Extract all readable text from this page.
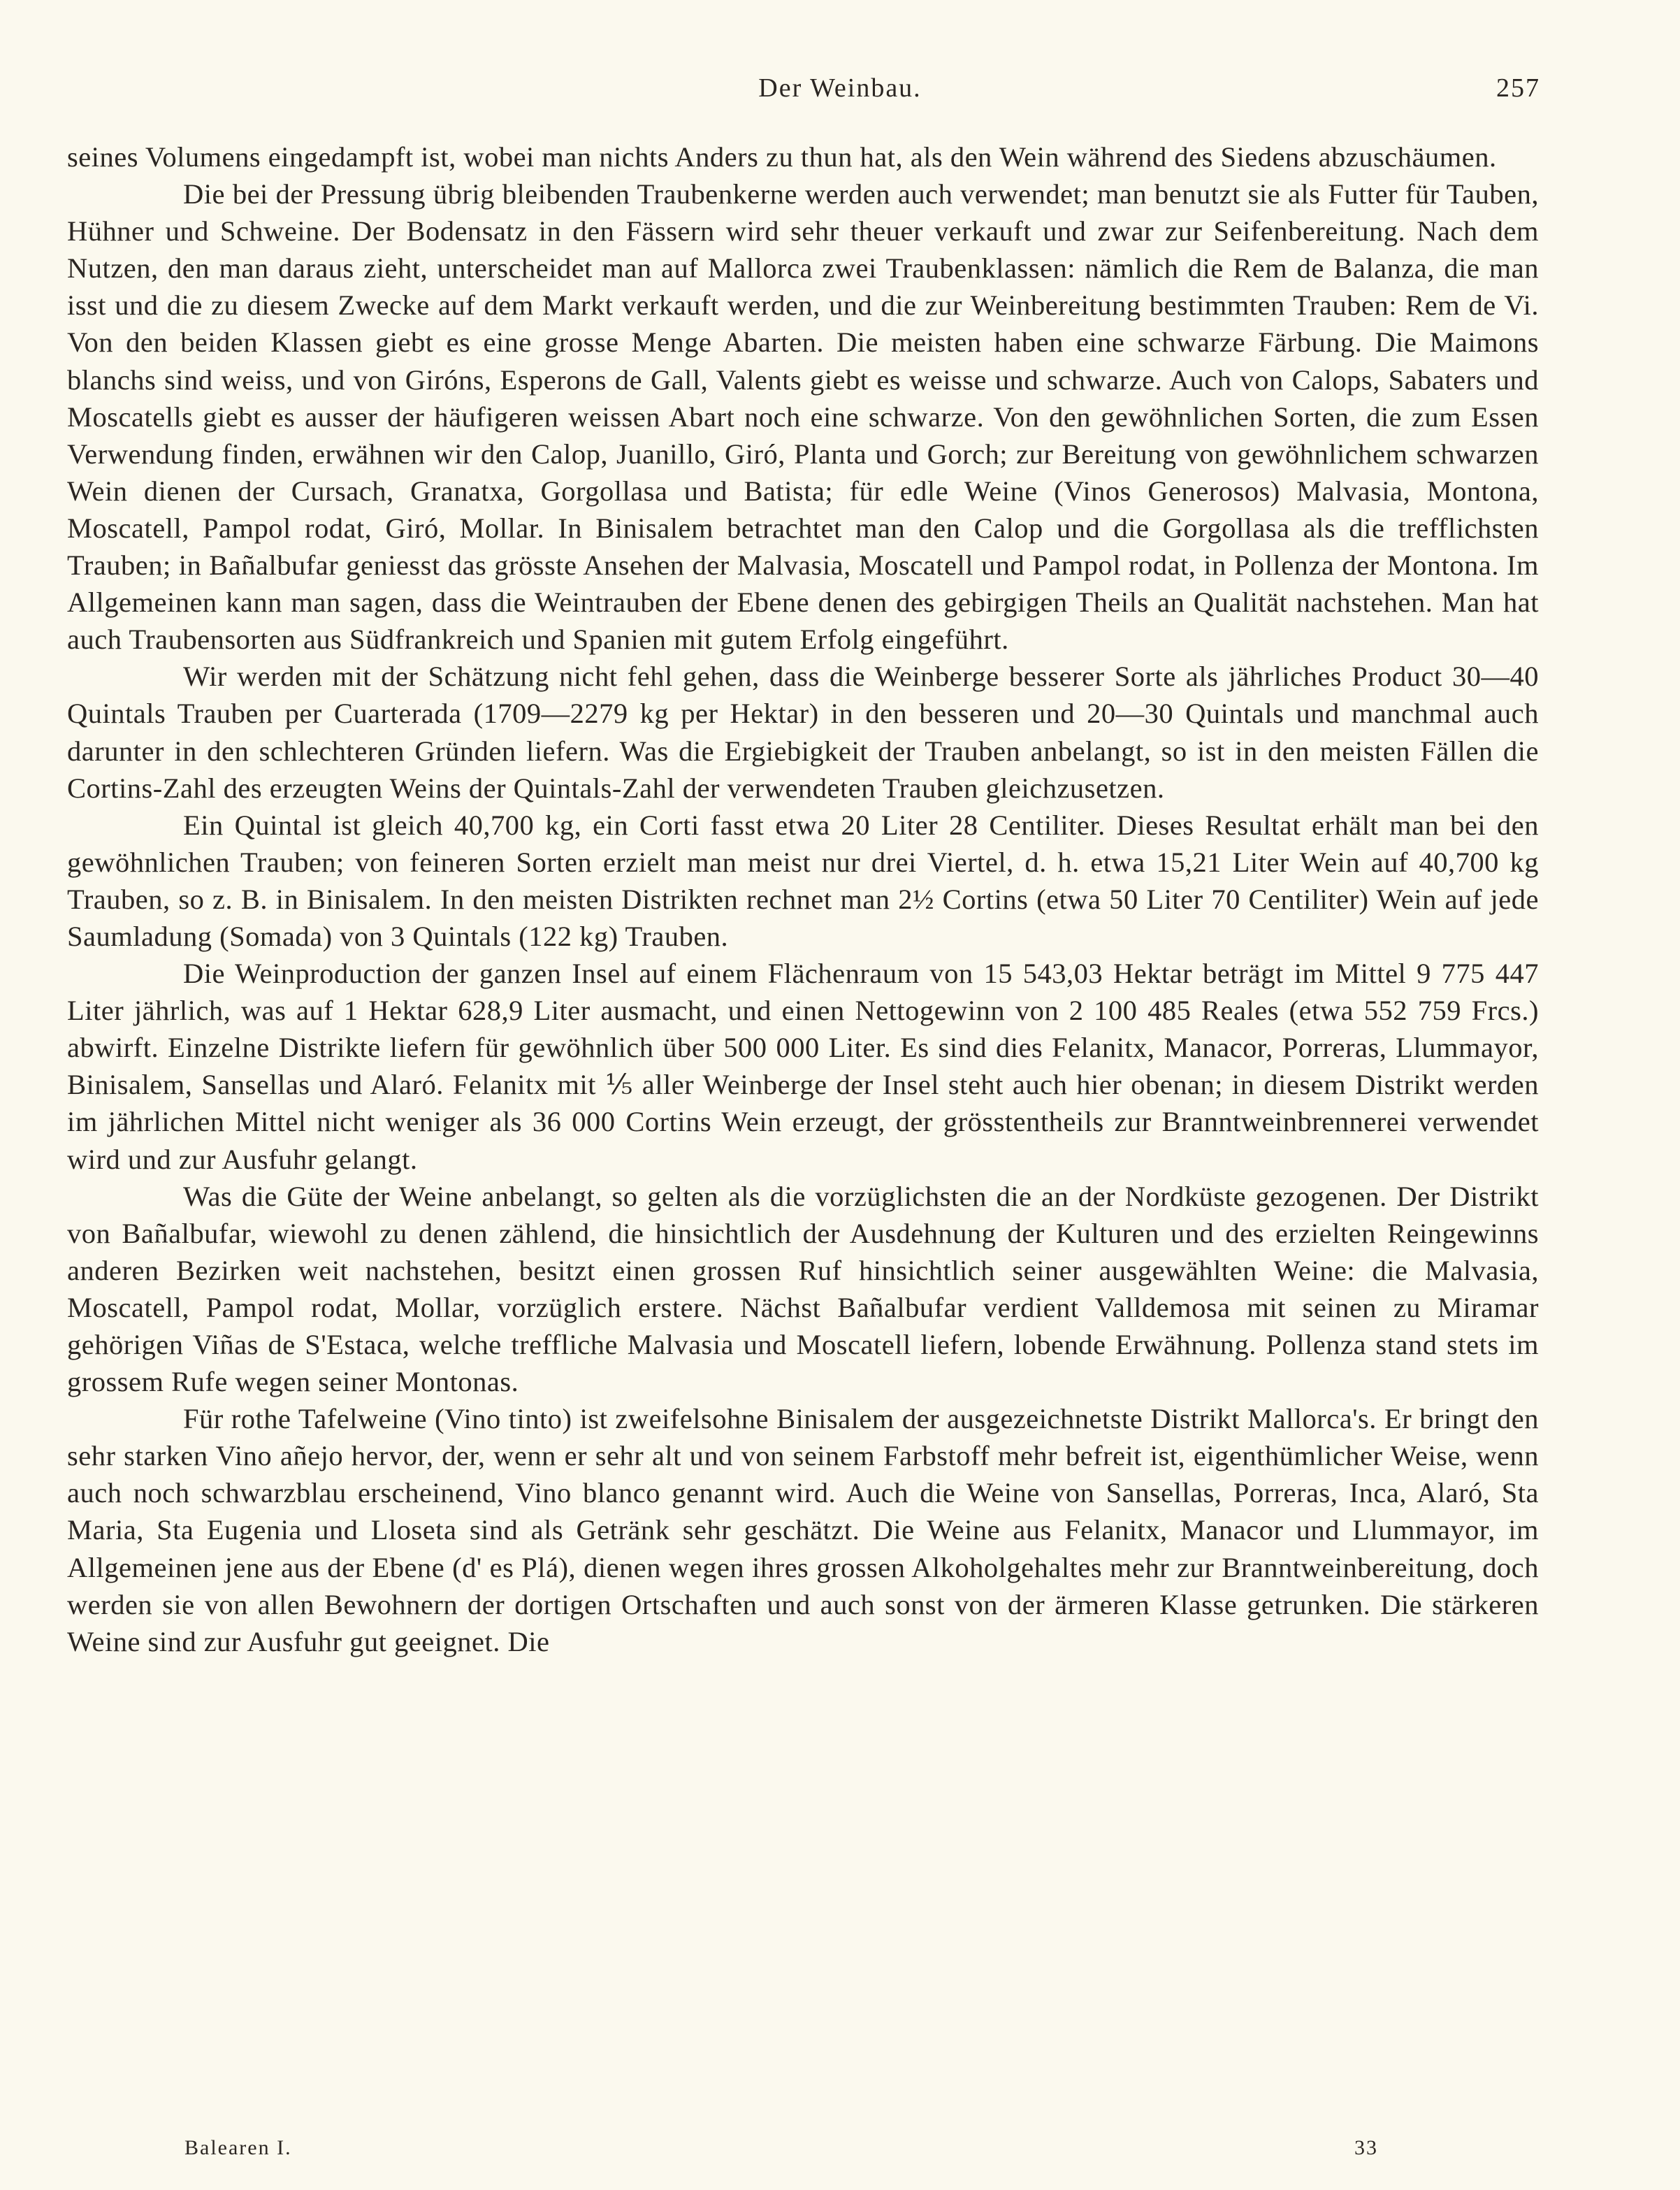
Der Weinbau.	257

seines Volumens eingedampft ist, wobei man nichts Anders zu thun hat, als den Wein während des Siedens abzuschäumen.

Die bei der Pressung übrig bleibenden Traubenkerne werden auch verwendet; man benutzt sie als Futter für Tauben, Hühner und Schweine. Der Bodensatz in den Fässern wird sehr theuer verkauft und zwar zur Seifenbereitung. Nach dem Nutzen, den man daraus zieht, unterscheidet man auf Mallorca zwei Traubenklassen: nämlich die Rem de Balanza, die man isst und die zu diesem Zwecke auf dem Markt verkauft werden, und die zur Weinbereitung bestimmten Trauben: Rem de Vi. Von den beiden Klassen giebt es eine grosse Menge Abarten. Die meisten haben eine schwarze Färbung. Die Maimons blanchs sind weiss, und von Giróns, Esperons de Gall, Valents giebt es weisse und schwarze. Auch von Calops, Sabaters und Moscatells giebt es ausser der häufigeren weissen Abart noch eine schwarze. Von den gewöhnlichen Sorten, die zum Essen Verwendung finden, erwähnen wir den Calop, Juanillo, Giró, Planta und Gorch; zur Bereitung von gewöhnlichem schwarzen Wein dienen der Cursach, Granatxa, Gorgollasa und Batista; für edle Weine (Vinos Generosos) Malvasia, Montona, Moscatell, Pampol rodat, Giró, Mollar. In Binisalem betrachtet man den Calop und die Gorgollasa als die trefflichsten Trauben; in Bañalbufar geniesst das grösste Ansehen der Malvasia, Moscatell und Pampol rodat, in Pollenza der Montona. Im Allgemeinen kann man sagen, dass die Weintrauben der Ebene denen des gebirgigen Theils an Qualität nachstehen. Man hat auch Traubensorten aus Südfrankreich und Spanien mit gutem Erfolg eingeführt.

Wir werden mit der Schätzung nicht fehl gehen, dass die Weinberge besserer Sorte als jährliches Product 30—40 Quintals Trauben per Cuarterada (1709—2279 kg per Hektar) in den besseren und 20—30 Quintals und manchmal auch darunter in den schlechteren Gründen liefern. Was die Ergiebigkeit der Trauben anbelangt, so ist in den meisten Fällen die Cortins-Zahl des erzeugten Weins der Quintals-Zahl der verwendeten Trauben gleichzusetzen.

Ein Quintal ist gleich 40,700 kg, ein Corti fasst etwa 20 Liter 28 Centiliter. Dieses Resultat erhält man bei den gewöhnlichen Trauben; von feineren Sorten erzielt man meist nur drei Viertel, d. h. etwa 15,21 Liter Wein auf 40,700 kg Trauben, so z. B. in Binisalem. In den meisten Distrikten rechnet man 2½ Cortins (etwa 50 Liter 70 Centiliter) Wein auf jede Saumladung (Somada) von 3 Quintals (122 kg) Trauben.

Die Weinproduction der ganzen Insel auf einem Flächenraum von 15 543,03 Hektar beträgt im Mittel 9 775 447 Liter jährlich, was auf 1 Hektar 628,9 Liter ausmacht, und einen Nettogewinn von 2 100 485 Reales (etwa 552 759 Frcs.) abwirft. Einzelne Distrikte liefern für gewöhnlich über 500 000 Liter. Es sind dies Felanitx, Manacor, Porreras, Llummayor, Binisalem, Sansellas und Alaró. Felanitx mit ⅕ aller Weinberge der Insel steht auch hier obenan; in diesem Distrikt werden im jährlichen Mittel nicht weniger als 36 000 Cortins Wein erzeugt, der grösstentheils zur Branntweinbrennerei verwendet wird und zur Ausfuhr gelangt.

Was die Güte der Weine anbelangt, so gelten als die vorzüglichsten die an der Nordküste gezogenen. Der Distrikt von Bañalbufar, wiewohl zu denen zählend, die hinsichtlich der Ausdehnung der Kulturen und des erzielten Reingewinns anderen Bezirken weit nachstehen, besitzt einen grossen Ruf hinsichtlich seiner ausgewählten Weine: die Malvasia, Moscatell, Pampol rodat, Mollar, vorzüglich erstere. Nächst Bañalbufar verdient Valldemosa mit seinen zu Miramar gehörigen Viñas de S'Estaca, welche treffliche Malvasia und Moscatell liefern, lobende Erwähnung. Pollenza stand stets im grossem Rufe wegen seiner Montonas.

Für rothe Tafelweine (Vino tinto) ist zweifelsohne Binisalem der ausgezeichnetste Distrikt Mallorca's. Er bringt den sehr starken Vino añejo hervor, der, wenn er sehr alt und von seinem Farbstoff mehr befreit ist, eigenthümlicher Weise, wenn auch noch schwarzblau erscheinend, Vino blanco genannt wird. Auch die Weine von Sansellas, Porreras, Inca, Alaró, Sta Maria, Sta Eugenia und Lloseta sind als Getränk sehr geschätzt. Die Weine aus Felanitx, Manacor und Llummayor, im Allgemeinen jene aus der Ebene (d' es Plá), dienen wegen ihres grossen Alkoholgehaltes mehr zur Branntweinbereitung, doch werden sie von allen Bewohnern der dortigen Ortschaften und auch sonst von der ärmeren Klasse getrunken. Die stärkeren Weine sind zur Ausfuhr gut geeignet. Die

Balearen I.	33
